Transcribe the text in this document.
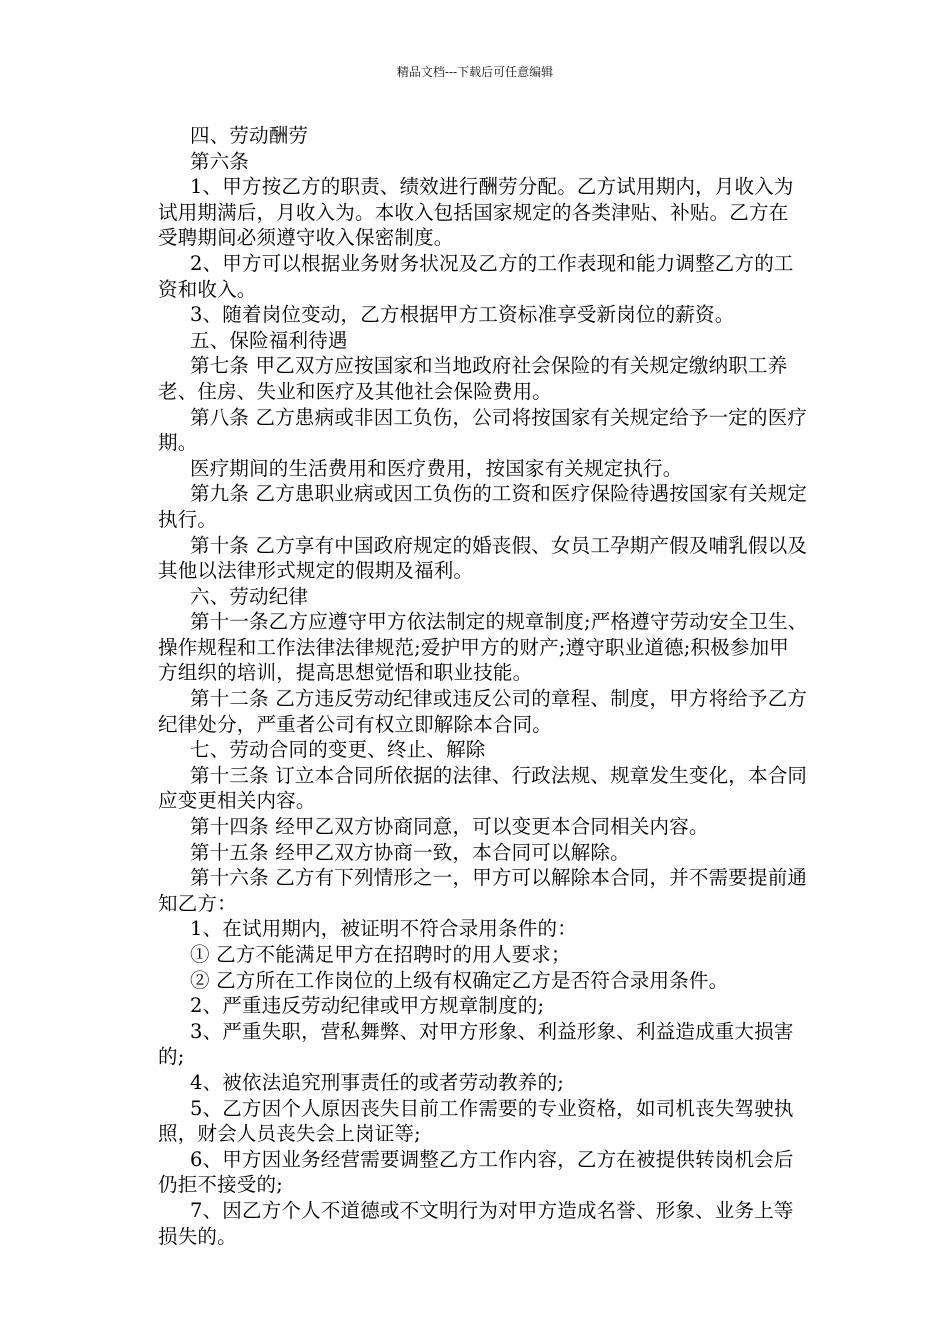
精品文档---下载后可任意编辑

四、劳动酬劳

第六条

1、甲方按乙方的职责、绩效进行酬劳分配。乙方试用期内，月收入为试用期满后，月收入为。本收入包括国家规定的各类津贴、补贴。乙方在受聘期间必须遵守收入保密制度。

2、甲方可以根据业务财务状况及乙方的工作表现和能力调整乙方的工资和收入。

3、随着岗位变动，乙方根据甲方工资标准享受新岗位的薪资。

五、保险福利待遇

第七条 甲乙双方应按国家和当地政府社会保险的有关规定缴纳职工养老、住房、失业和医疗及其他社会保险费用。

第八条 乙方患病或非因工负伤，公司将按国家有关规定给予一定的医疗期。

医疗期间的生活费用和医疗费用，按国家有关规定执行。

第九条 乙方患职业病或因工负伤的工资和医疗保险待遇按国家有关规定执行。

第十条 乙方享有中国政府规定的婚丧假、女员工孕期产假及哺乳假以及其他以法律形式规定的假期及福利。

六、劳动纪律

第十一条乙方应遵守甲方依法制定的规章制度;严格遵守劳动安全卫生、操作规程和工作法律法律规范;爱护甲方的财产;遵守职业道德;积极参加甲方组织的培训，提高思想觉悟和职业技能。

第十二条 乙方违反劳动纪律或违反公司的章程、制度，甲方将给予乙方纪律处分，严重者公司有权立即解除本合同。

七、劳动合同的变更、终止、解除

第十三条 订立本合同所依据的法律、行政法规、规章发生变化，本合同应变更相关内容。

第十四条 经甲乙双方协商同意，可以变更本合同相关内容。

第十五条 经甲乙双方协商一致，本合同可以解除。

第十六条 乙方有下列情形之一，甲方可以解除本合同，并不需要提前通知乙方：

1、在试用期内，被证明不符合录用条件的：

① 乙方不能满足甲方在招聘时的用人要求；

② 乙方所在工作岗位的上级有权确定乙方是否符合录用条件。

2、严重违反劳动纪律或甲方规章制度的;

3、严重失职，营私舞弊、对甲方形象、利益形象、利益造成重大损害的;

4、被依法追究刑事责任的或者劳动教养的;

5、乙方因个人原因丧失目前工作需要的专业资格，如司机丧失驾驶执照，财会人员丧失会上岗证等;

6、甲方因业务经营需要调整乙方工作内容，乙方在被提供转岗机会后仍拒不接受的;

7、因乙方个人不道德或不文明行为对甲方造成名誉、形象、业务上等损失的。
